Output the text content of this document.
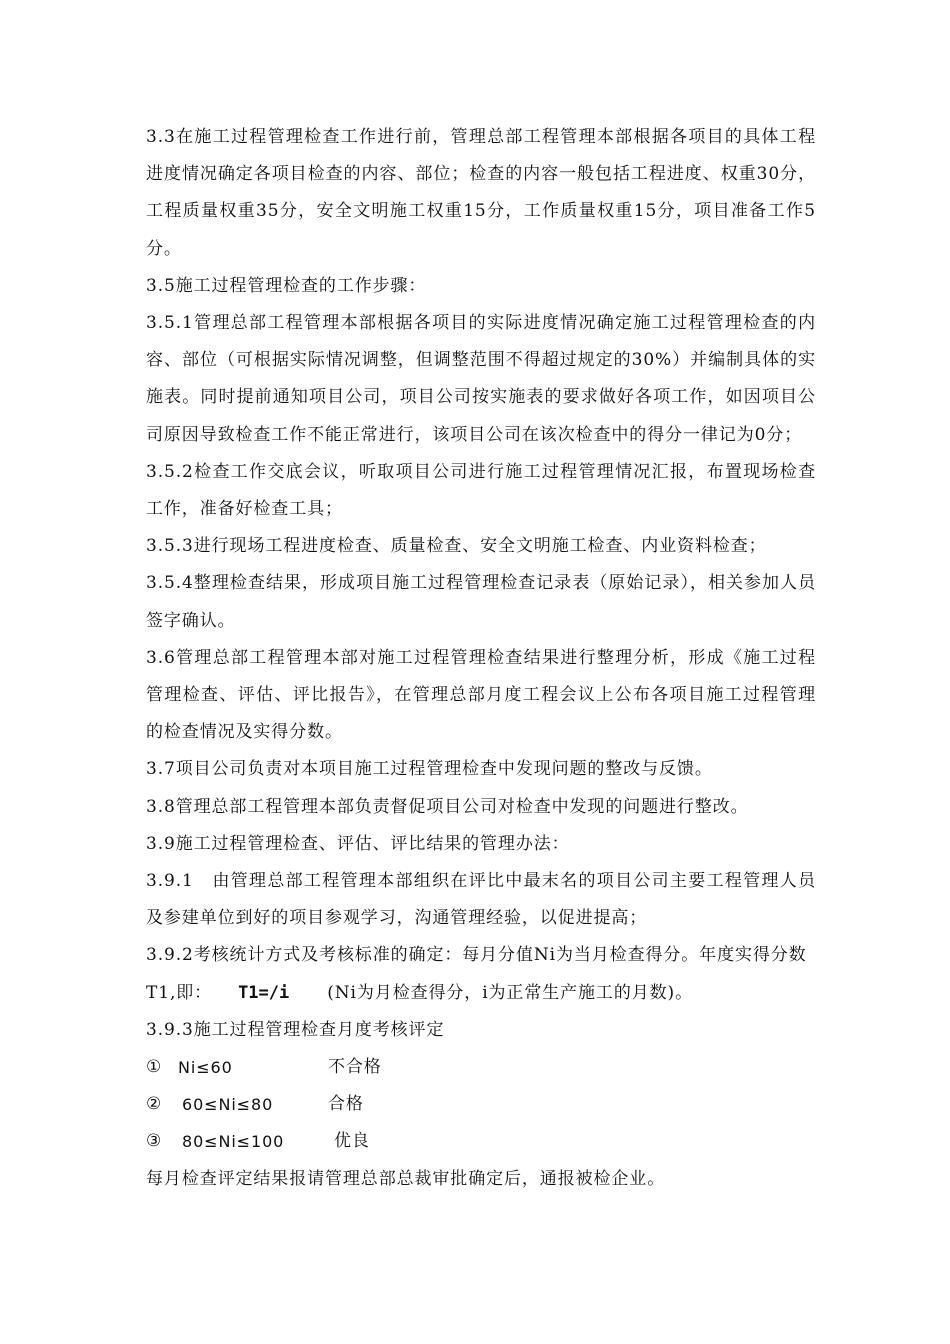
3.3在施工过程管理检查工作进行前，管理总部工程管理本部根据各项目的具体工程进度情况确定各项目检查的内容、部位；检查的内容一般包括工程进度、权重30分，工程质量权重35分，安全文明施工权重15分，工作质量权重15分，项目准备工作5分。

3.5施工过程管理检查的工作步骤：

3.5.1管理总部工程管理本部根据各项目的实际进度情况确定施工过程管理检查的内容、部位（可根据实际情况调整，但调整范围不得超过规定的30%）并编制具体的实施表。同时提前通知项目公司，项目公司按实施表的要求做好各项工作，如因项目公司原因导致检查工作不能正常进行，该项目公司在该次检查中的得分一律记为0分；

3.5.2检查工作交底会议，听取项目公司进行施工过程管理情况汇报，布置现场检查工作，准备好检查工具；

3.5.3进行现场工程进度检查、质量检查、安全文明施工检查、内业资料检查；

3.5.4整理检查结果，形成项目施工过程管理检查记录表（原始记录），相关参加人员签字确认。

3.6管理总部工程管理本部对施工过程管理检查结果进行整理分析，形成《施工过程管理检查、评估、评比报告》，在管理总部月度工程会议上公布各项目施工过程管理的检查情况及实得分数。

3.7项目公司负责对本项目施工过程管理检查中发现问题的整改与反馈。

3.8管理总部工程管理本部负责督促项目公司对检查中发现的问题进行整改。

3.9施工过程管理检查、评估、评比结果的管理办法：

3.9.1　由管理总部工程管理本部组织在评比中最末名的项目公司主要工程管理人员及参建单位到好的项目参观学习，沟通管理经验，以促进提高；

3.9.2考核统计方式及考核标准的确定：每月分值Ni为当月检查得分。年度实得分数T1,即： T1=/i (Ni为月检查得分，i为正常生产施工的月数)。

3.9.3施工过程管理检查月度考核评定

① Ni≤60	不合格
②	60≤Ni≤80	合格
③	80≤Ni≤100	优良

每月检查评定结果报请管理总部总裁审批确定后，通报被检企业。
